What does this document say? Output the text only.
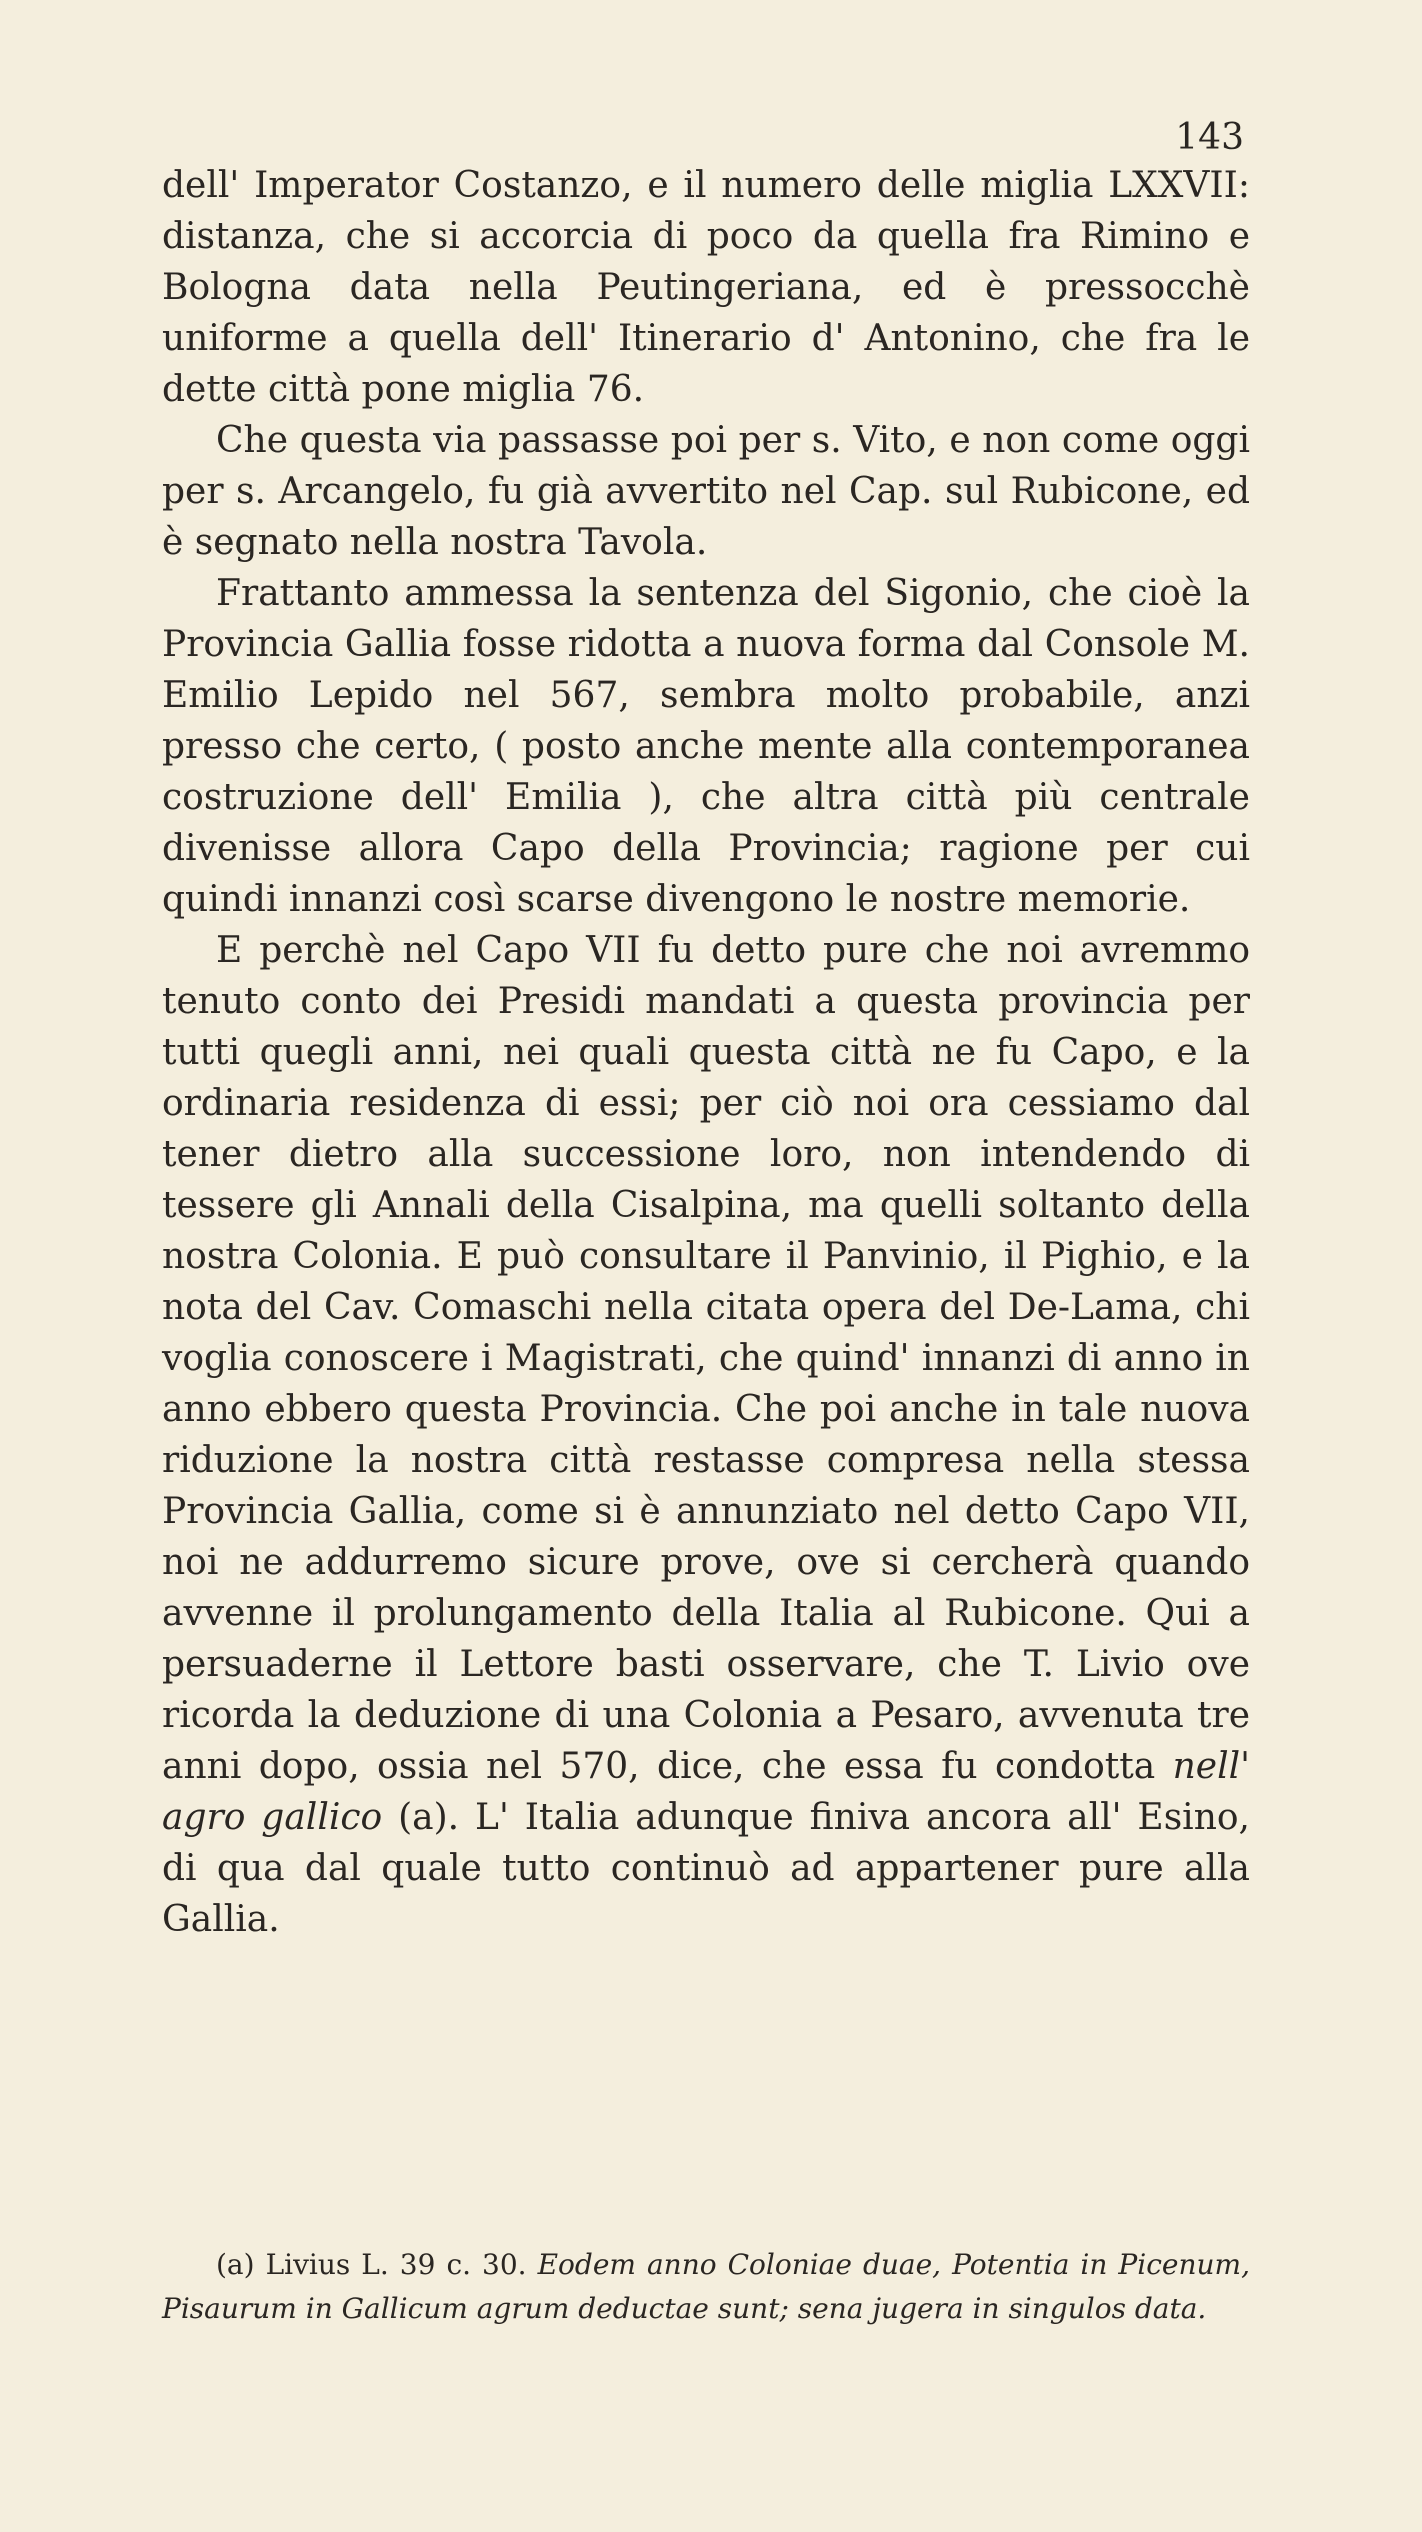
143

dell' Imperator Costanzo, e il numero delle miglia LXXVII: distanza, che si accorcia di poco da quella fra Rimino e Bologna data nella Peutingeriana, ed è pressocchè uniforme a quella dell' Itinerario d' Antonino, che fra le dette città pone miglia 76.

Che questa via passasse poi per s. Vito, e non come oggi per s. Arcangelo, fu già avvertito nel Cap. sul Rubicone, ed è segnato nella nostra Tavola.

Frattanto ammessa la sentenza del Sigonio, che cioè la Provincia Gallia fosse ridotta a nuova forma dal Console M. Emilio Lepido nel 567, sembra molto probabile, anzi presso che certo, ( posto anche mente alla contemporanea costruzione dell' Emilia ), che altra città più centrale divenisse allora Capo della Provincia; ragione per cui quindi innanzi così scarse divengono le nostre memorie.

E perchè nel Capo VII fu detto pure che noi avremmo tenuto conto dei Presidi mandati a questa provincia per tutti quegli anni, nei quali questa città ne fu Capo, e la ordinaria residenza di essi; per ciò noi ora cessiamo dal tener dietro alla successione loro, non intendendo di tessere gli Annali della Cisalpina, ma quelli soltanto della nostra Colonia. E può consultare il Panvinio, il Pighio, e la nota del Cav. Comaschi nella citata opera del De-Lama, chi voglia conoscere i Magistrati, che quind' innanzi di anno in anno ebbero questa Provincia. Che poi anche in tale nuova riduzione la nostra città restasse compresa nella stessa Provincia Gallia, come si è annunziato nel detto Capo VII, noi ne addurremo sicure prove, ove si cercherà quando avvenne il prolungamento della Italia al Rubicone. Qui a persuaderne il Lettore basti osservare, che T. Livio ove ricorda la deduzione di una Colonia a Pesaro, avvenuta tre anni dopo, ossia nel 570, dice, che essa fu condotta nell' agro gallico (a). L' Italia adunque finiva ancora all' Esino, di qua dal quale tutto continuò ad appartener pure alla Gallia.

(a) Livius L. 39 c. 30. Eodem anno Coloniae duae, Potentia in Picenum, Pisaurum in Gallicum agrum deductae sunt; sena jugera in singulos data.
